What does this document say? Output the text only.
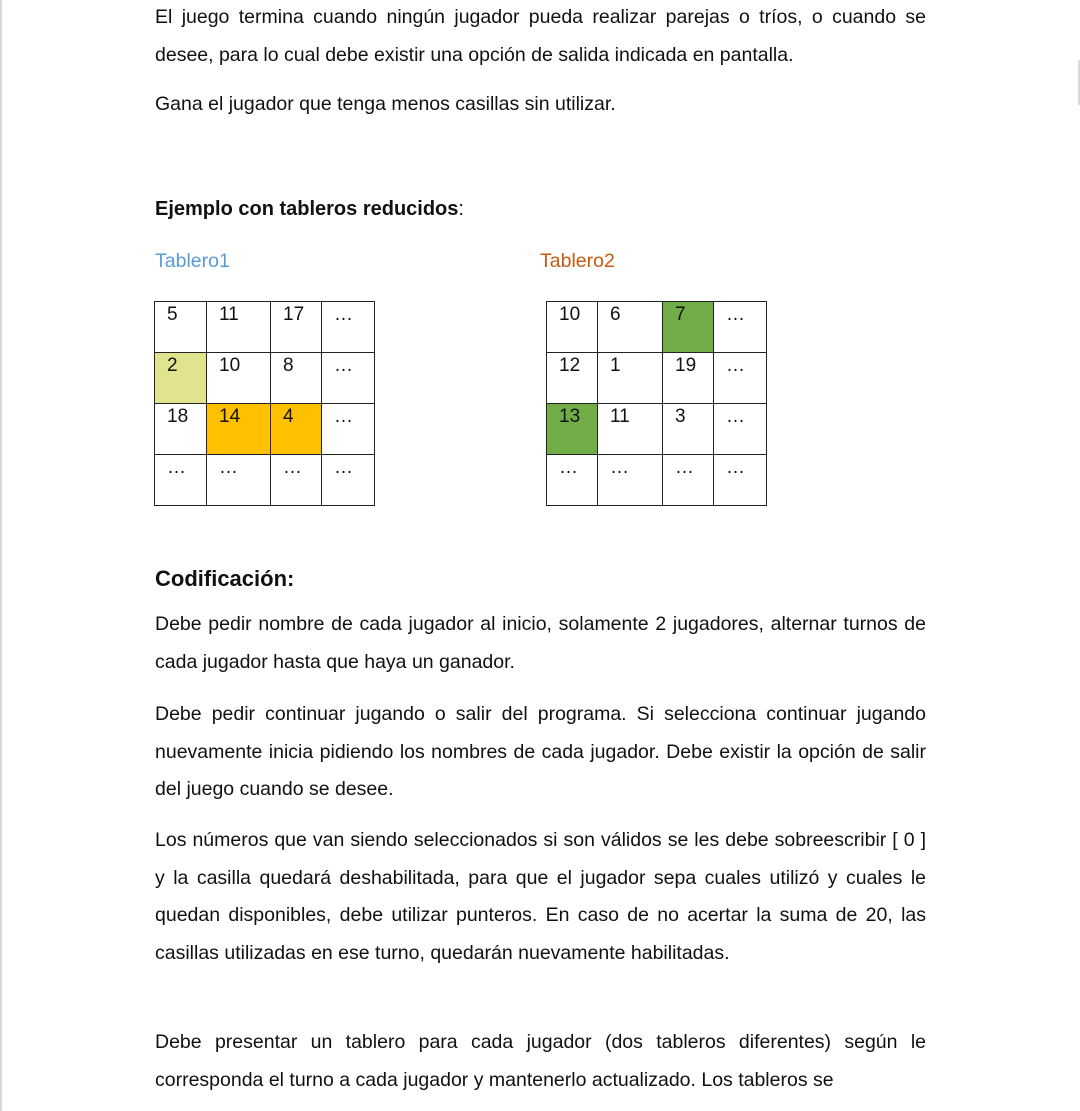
El juego termina cuando ningún jugador pueda realizar parejas o tríos, o cuando se desee, para lo cual debe existir una opción de salida indicada en pantalla.

Gana el jugador que tenga menos casillas sin utilizar.

Ejemplo con tableros reducidos:

Tablero1	Tablero2

5	11	17	…
2	10	8	…
18	14	4	…
…	…	…	…
10	6	7	…
12	1	19	…
13	11	3	…
…	…	…	…

Codificación:

Debe pedir nombre de cada jugador al inicio, solamente 2 jugadores, alternar turnos de cada jugador hasta que haya un ganador.

Debe pedir continuar jugando o salir del programa. Si selecciona continuar jugando nuevamente inicia pidiendo los nombres de cada jugador. Debe existir la opción de salir del juego cuando se desee.

Los números que van siendo seleccionados si son válidos se les debe sobreescribir [ 0 ] y la casilla quedará deshabilitada, para que el jugador sepa cuales utilizó y cuales le quedan disponibles, debe utilizar punteros. En caso de no acertar la suma de 20, las casillas utilizadas en ese turno, quedarán nuevamente habilitadas.

Debe presentar un tablero para cada jugador (dos tableros diferentes) según le corresponda el turno a cada jugador y mantenerlo actualizado. Los tableros se
